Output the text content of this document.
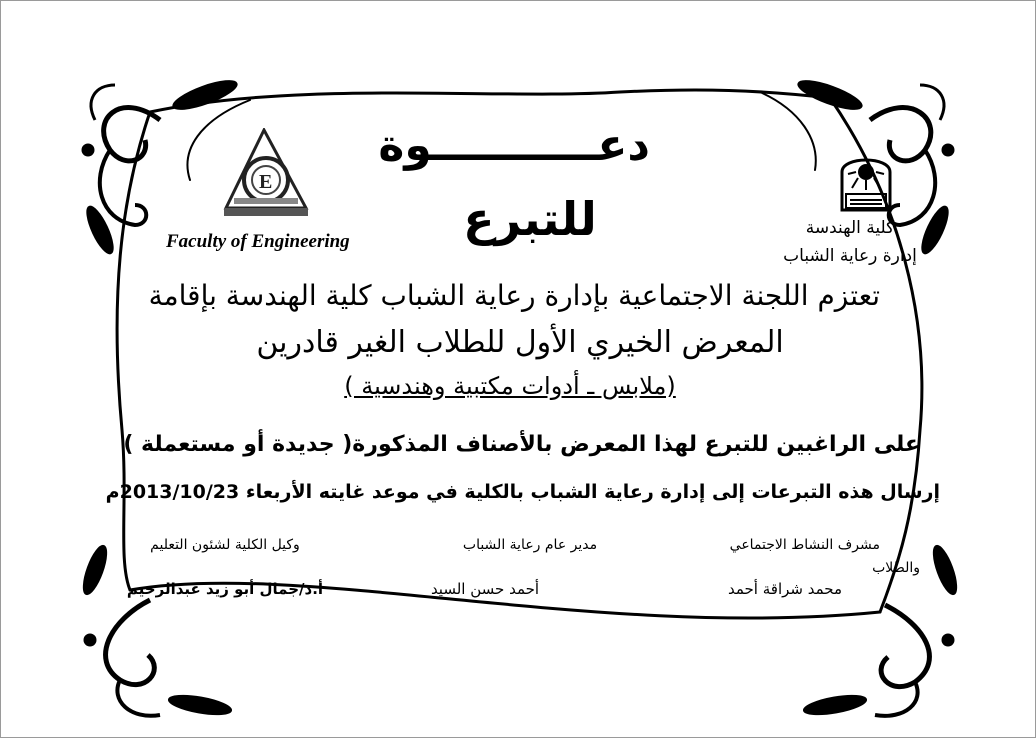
E
دعـــــــــــوة
للتبرع
Faculty of Engineering
كلية الهندسة
إدارة رعاية الشباب
تعتزم اللجنة الاجتماعية بإدارة رعاية الشباب كلية الهندسة بإقامة
المعرض الخيري الأول للطلاب الغير قادرين
(ملابس ـ أدوات مكتبية وهندسية )
على الراغبين للتبرع لهذا المعرض بالأصناف المذكورة( جديدة أو مستعملة )
إرسال هذه التبرعات إلى إدارة رعاية الشباب بالكلية في موعد غايته الأربعاء 2013/10/23م
مشرف النشاط الاجتماعي
والطلاب
مدير عام رعاية الشباب
وكيل الكلية لشئون التعليم
محمد شراقة أحمد
أحمد حسن السيد
أ.د/جمال أبو زيد عبدالرحيم
